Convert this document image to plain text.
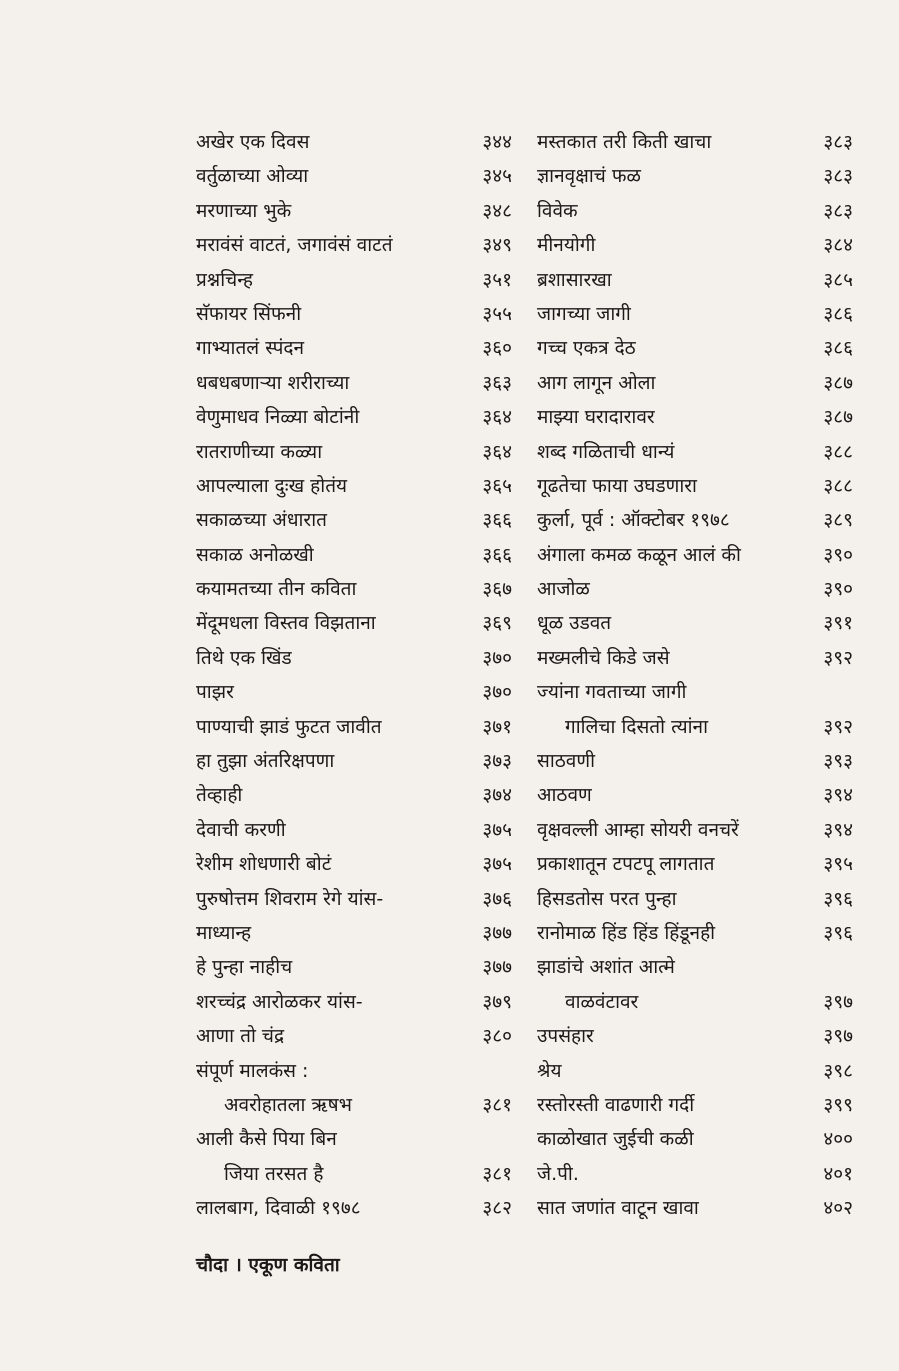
अखेर एक दिवस	३४४
वर्तुळाच्या ओव्या	३४५
मरणाच्या भुके	३४८
मरावंसं वाटतं, जगावंसं वाटतं	३४९
प्रश्नचिन्ह	३५१
सॅफायर सिंफनी	३५५
गाभ्यातलं स्पंदन	३६०
धबधबणाऱ्या शरीराच्या	३६३
वेणुमाधव निळ्या बोटांनी	३६४
रातराणीच्या कळ्या	३६४
आपल्याला दुःख होतंय	३६५
सकाळच्या अंधारात	३६६
सकाळ अनोळखी	३६६
कयामतच्या तीन कविता	३६७
मेंदूमधला विस्तव विझताना	३६९
तिथे एक खिंड	३७०
पाझर	३७०
पाण्याची झाडं फुटत जावीत	३७१
हा तुझा अंतरिक्षपणा	३७३
तेव्हाही	३७४
देवाची करणी	३७५
रेशीम शोधणारी बोटं	३७५
पुरुषोत्तम शिवराम रेगे यांस-	३७६
माध्यान्ह	३७७
हे पुन्हा नाहीच	३७७
शरच्चंद्र आरोळकर यांस-	३७९
आणा तो चंद्र	३८०
संपूर्ण मालकंस :
अवरोहातला ऋषभ	३८१
आली कैसे पिया बिन
जिया तरसत है	३८१
लालबाग, दिवाळी १९७८	३८२
मस्तकात तरी किती खाचा	३८३
ज्ञानवृक्षाचं फळ	३८३
विवेक	३८३
मीनयोगी	३८४
ब्रशासारखा	३८५
जागच्या जागी	३८६
गच्च एकत्र देठ	३८६
आग लागून ओला	३८७
माझ्या घरादारावर	३८७
शब्द गळिताची धान्यं	३८८
गूढतेचा फाया उघडणारा	३८८
कुर्ला, पूर्व : ऑक्टोबर १९७८	३८९
अंगाला कमळ कळून आलं की	३९०
आजोळ	३९०
धूळ उडवत	३९१
मख्मलीचे किडे जसे	३९२
ज्यांना गवताच्या जागी
गालिचा दिसतो त्यांना	३९२
साठवणी	३९३
आठवण	३९४
वृक्षवल्ली आम्हा सोयरी वनचरें	३९४
प्रकाशातून टपटपू लागतात	३९५
हिसडतोस परत पुन्हा	३९६
रानोमाळ हिंड हिंड हिंडूनही	३९६
झाडांचे अशांत आत्मे
वाळवंटावर	३९७
उपसंहार	३९७
श्रेय	३९८
रस्तोरस्ती वाढणारी गर्दी	३९९
काळोखात जुईची कळी	४००
जे.पी.	४०१
सात जणांत वाटून खावा	४०२
चौदा । एकूण कविता
